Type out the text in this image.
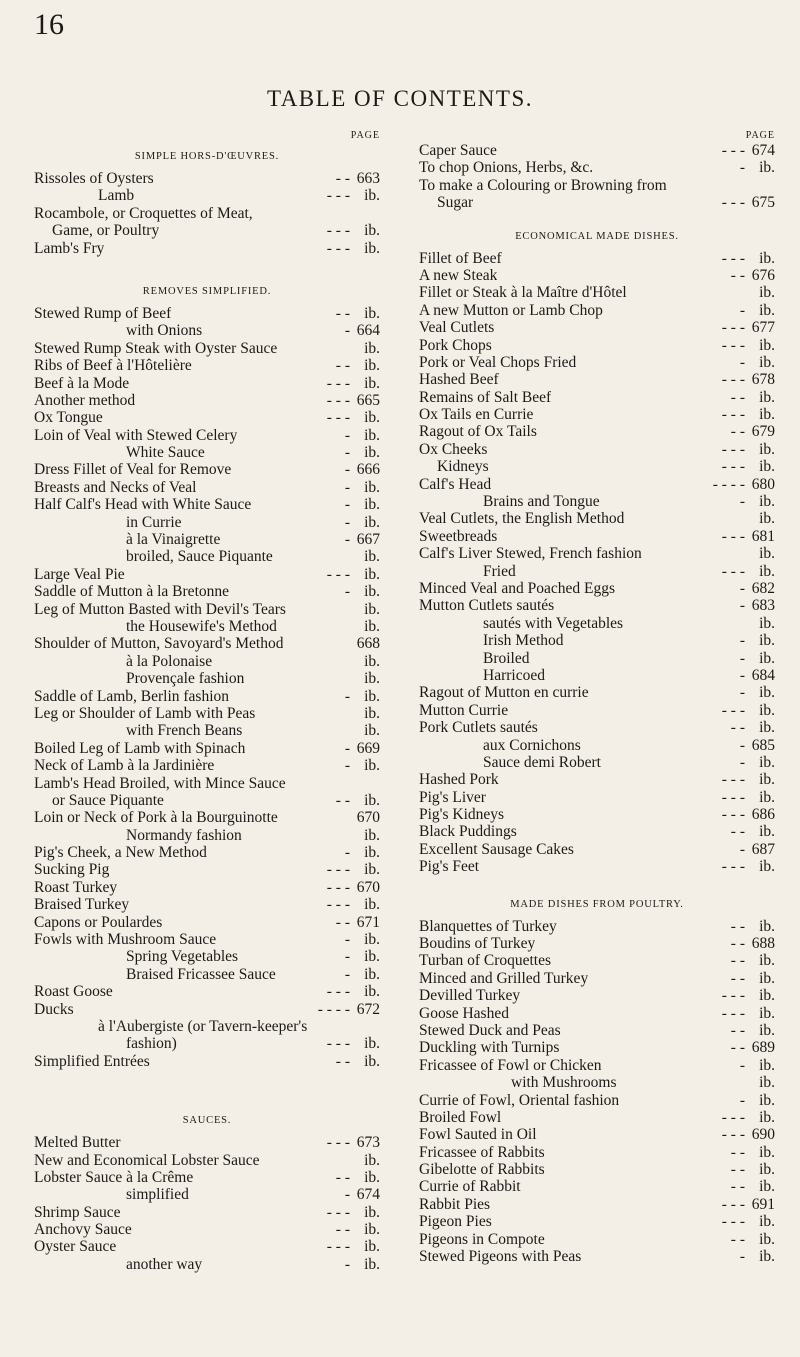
16
TABLE OF CONTENTS.
PAGE
SIMPLE HORS-D'ŒUVRES.
Rissoles of Oysters	- - 663
Lamb	- - - ib.
Rocambole, or Croquettes of Meat,
Game, or Poultry	- - - ib.
Lamb's Fry	- - - ib.
REMOVES SIMPLIFIED.
Stewed Rump of Beef	- - ib.
with Onions	- 664
Stewed Rump Steak with Oyster Sauce	ib.
Ribs of Beef à l'Hôtelière	- - ib.
Beef à la Mode	- - - ib.
Another method	- - - 665
Ox Tongue	- - - ib.
Loin of Veal with Stewed Celery	- ib.
White Sauce	- ib.
Dress Fillet of Veal for Remove	- 666
Breasts and Necks of Veal	- ib.
Half Calf's Head with White Sauce	- ib.
in Currie	- ib.
à la Vinaigrette	- 667
broiled, Sauce Piquante	ib.
Large Veal Pie	- - - ib.
Saddle of Mutton à la Bretonne	- ib.
Leg of Mutton Basted with Devil's Tears	ib.
the Housewife's Method	ib.
Shoulder of Mutton, Savoyard's Method	668
à la Polonaise	ib.
Provençale fashion	ib.
Saddle of Lamb, Berlin fashion	- ib.
Leg or Shoulder of Lamb with Peas	ib.
with French Beans	ib.
Boiled Leg of Lamb with Spinach	- 669
Neck of Lamb à la Jardinière	- ib.
Lamb's Head Broiled, with Mince Sauce
or Sauce Piquante	- - ib.
Loin or Neck of Pork à la Bourguinotte	670
Normandy fashion	ib.
Pig's Cheek, a New Method	- ib.
Sucking Pig	- - - ib.
Roast Turkey	- - - 670
Braised Turkey	- - - ib.
Capons or Poulardes	- - 671
Fowls with Mushroom Sauce	- ib.
Spring Vegetables	- ib.
Braised Fricassee Sauce	- ib.
Roast Goose	- - - ib.
Ducks	- - - - 672
à l'Aubergiste (or Tavern-keeper's
fashion)	- - - ib.
Simplified Entrées	- - ib.
SAUCES.
Melted Butter	- - - 673
New and Economical Lobster Sauce	ib.
Lobster Sauce à la Crême	- - ib.
simplified	- 674
Shrimp Sauce	- - - ib.
Anchovy Sauce	- - ib.
Oyster Sauce	- - - ib.
another way	- ib.
PAGE
Caper Sauce	- - - 674
To chop Onions, Herbs, &c.	- ib.
To make a Colouring or Browning from
Sugar	- - - 675
ECONOMICAL MADE DISHES.
Fillet of Beef	- - - ib.
A new Steak	- - 676
Fillet or Steak à la Maître d'Hôtel	ib.
A new Mutton or Lamb Chop	- ib.
Veal Cutlets	- - - 677
Pork Chops	- - - ib.
Pork or Veal Chops Fried	- ib.
Hashed Beef	- - - 678
Remains of Salt Beef	- - ib.
Ox Tails en Currie	- - - ib.
Ragout of Ox Tails	- - 679
Ox Cheeks	- - - ib.
Kidneys	- - - ib.
Calf's Head	- - - - 680
Brains and Tongue	- ib.
Veal Cutlets, the English Method	ib.
Sweetbreads	- - - 681
Calf's Liver Stewed, French fashion	ib.
Fried	- - - ib.
Minced Veal and Poached Eggs	- 682
Mutton Cutlets sautés	- 683
sautés with Vegetables	ib.
Irish Method	- ib.
Broiled	- ib.
Harricoed	- 684
Ragout of Mutton en currie	- ib.
Mutton Currie	- - - ib.
Pork Cutlets sautés	- - ib.
aux Cornichons	- 685
Sauce demi Robert	- ib.
Hashed Pork	- - - ib.
Pig's Liver	- - - ib.
Pig's Kidneys	- - - 686
Black Puddings	- - ib.
Excellent Sausage Cakes	- 687
Pig's Feet	- - - ib.
MADE DISHES FROM POULTRY.
Blanquettes of Turkey	- - ib.
Boudins of Turkey	- - 688
Turban of Croquettes	- - ib.
Minced and Grilled Turkey	- - ib.
Devilled Turkey	- - - ib.
Goose Hashed	- - - ib.
Stewed Duck and Peas	- - ib.
Duckling with Turnips	- - 689
Fricassee of Fowl or Chicken	- ib.
with Mushrooms	ib.
Currie of Fowl, Oriental fashion	- ib.
Broiled Fowl	- - - ib.
Fowl Sauted in Oil	- - - 690
Fricassee of Rabbits	- - ib.
Gibelotte of Rabbits	- - ib.
Currie of Rabbit	- - ib.
Rabbit Pies	- - - 691
Pigeon Pies	- - - ib.
Pigeons in Compote	- - ib.
Stewed Pigeons with Peas	- ib.
